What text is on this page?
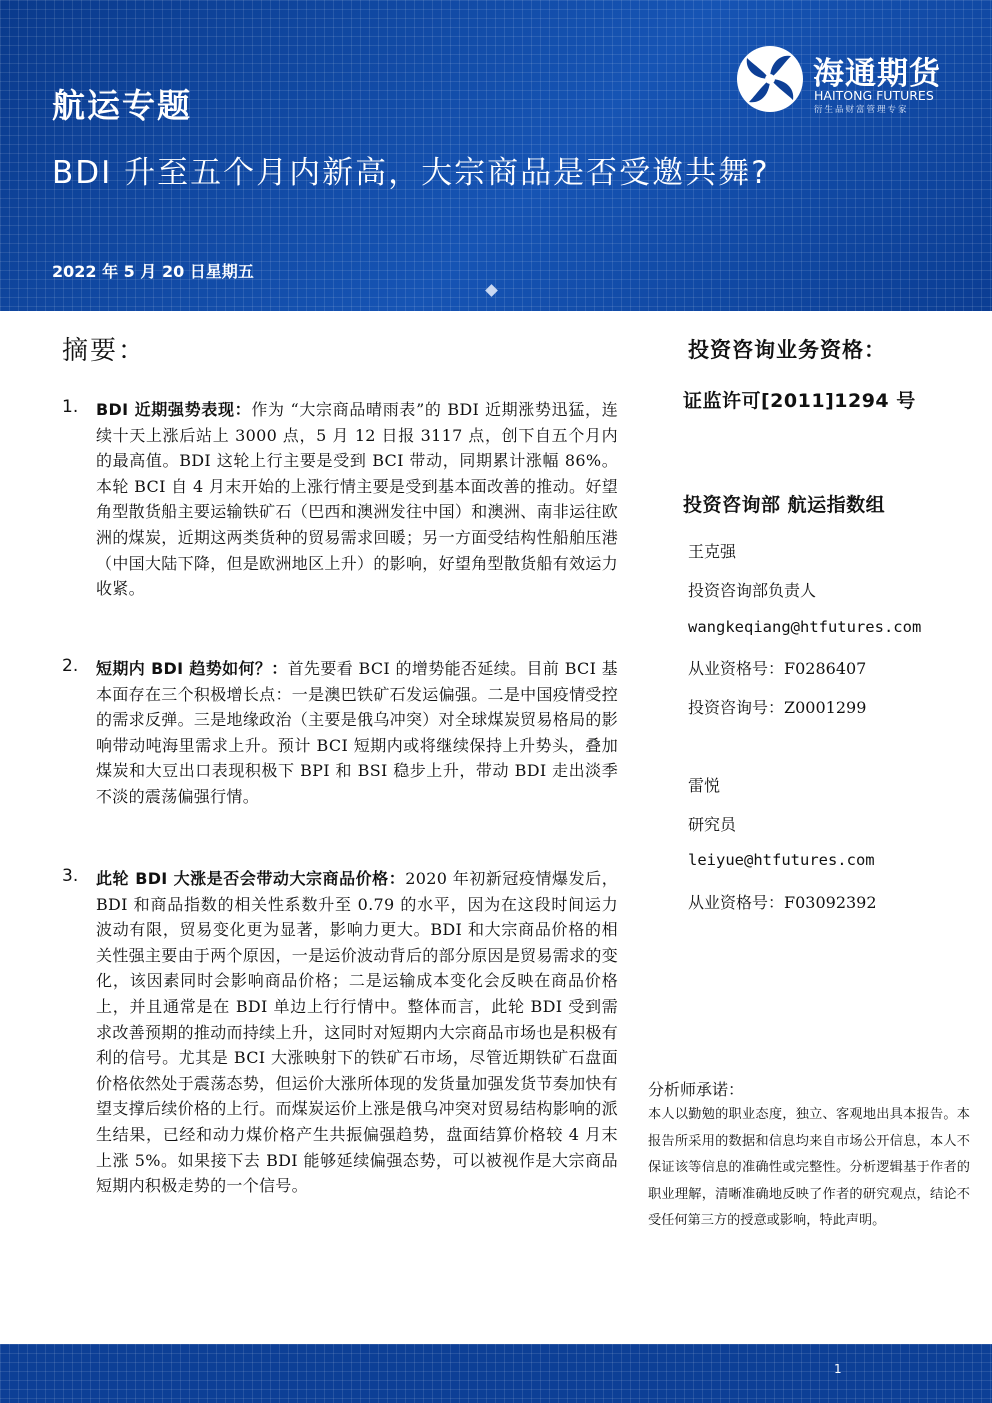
航运专题
BDI 升至五个月内新高，大宗商品是否受邀共舞?
2022 年 5 月 20 日星期五
海通期货
HAITONG FUTURES
衍生品财富管理专家
摘要：
1. BDI 近期强势表现：作为 “大宗商品晴雨表”的 BDI 近期涨势迅猛，连续十天上涨后站上 3000 点，5 月 12 日报 3117 点，创下自五个月内的最高值。BDI 这轮上行主要是受到 BCI 带动，同期累计涨幅 86%。本轮 BCI 自 4 月末开始的上涨行情主要是受到基本面改善的推动。好望角型散货船主要运输铁矿石（巴西和澳洲发往中国）和澳洲、南非运往欧洲的煤炭，近期这两类货种的贸易需求回暖；另一方面受结构性船舶压港（中国大陆下降，但是欧洲地区上升）的影响，好望角型散货船有效运力收紧。
2. 短期内 BDI 趋势如何？：首先要看 BCI 的增势能否延续。目前 BCI 基本面存在三个积极增长点：一是澳巴铁矿石发运偏强。二是中国疫情受控的需求反弹。三是地缘政治（主要是俄乌冲突）对全球煤炭贸易格局的影响带动吨海里需求上升。预计 BCI 短期内或将继续保持上升势头，叠加煤炭和大豆出口表现积极下 BPI 和 BSI 稳步上升，带动 BDI 走出淡季不淡的震荡偏强行情。
3. 此轮 BDI 大涨是否会带动大宗商品价格：2020 年初新冠疫情爆发后，BDI 和商品指数的相关性系数升至 0.79 的水平，因为在这段时间运力波动有限，贸易变化更为显著，影响力更大。BDI 和大宗商品价格的相关性强主要由于两个原因，一是运价波动背后的部分原因是贸易需求的变化，该因素同时会影响商品价格；二是运输成本变化会反映在商品价格上，并且通常是在 BDI 单边上行行情中。整体而言，此轮 BDI 受到需求改善预期的推动而持续上升，这同时对短期内大宗商品市场也是积极有利的信号。尤其是 BCI 大涨映射下的铁矿石市场，尽管近期铁矿石盘面价格依然处于震荡态势，但运价大涨所体现的发货量加强发货节奏加快有望支撑后续价格的上行。而煤炭运价上涨是俄乌冲突对贸易结构影响的派生结果，已经和动力煤价格产生共振偏强趋势，盘面结算价格较 4 月末上涨 5%。如果接下去 BDI 能够延续偏强态势，可以被视作是大宗商品短期内积极走势的一个信号。
投资咨询业务资格：
证监许可[2011]1294 号
投资咨询部 航运指数组
王克强
投资咨询部负责人
wangkeqiang@htfutures.com
从业资格号：F0286407
投资咨询号：Z0001299
雷悦
研究员
leiyue@htfutures.com
从业资格号：F03092392
分析师承诺：
本人以勤勉的职业态度，独立、客观地出具本报告。本报告所采用的数据和信息均来自市场公开信息，本人不保证该等信息的准确性或完整性。分析逻辑基于作者的职业理解，清晰准确地反映了作者的研究观点，结论不受任何第三方的授意或影响，特此声明。
1
